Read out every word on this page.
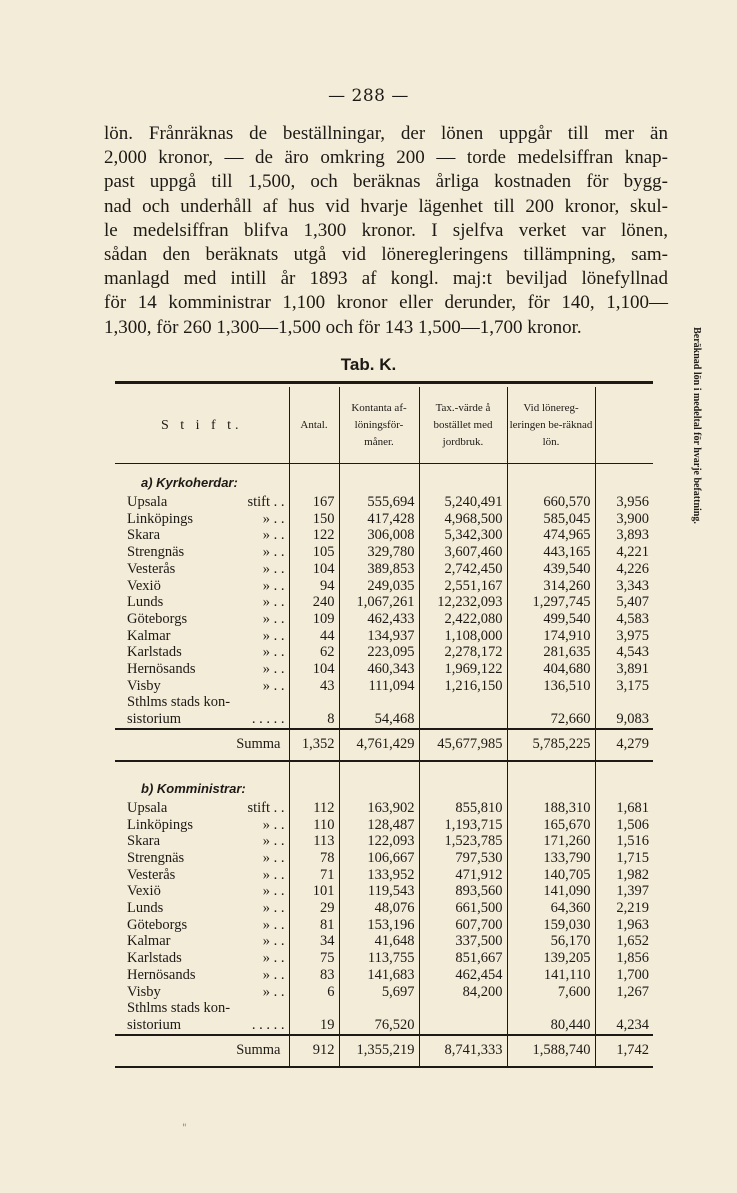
— 288 —
lön. Frånräknas de beställningar, der lönen uppgår till mer än
2,000 kronor, — de äro omkring 200 — torde medelsiffran knap-
past uppgå till 1,500, och beräknas årliga kostnaden för bygg-
nad och underhåll af hus vid hvarje lägenhet till 200 kronor, skul-
le medelsiffran blifva 1,300 kronor. I sjelfva verket var lönen,
sådan den beräknats utgå vid löneregleringens tillämpning, sam-
manlagd med intill år 1893 af kongl. maj:t beviljad lönefyllnad
för 14 komministrar 1,100 kronor eller derunder, för 140, 1,100—
1,300, för 260 1,300—1,500 och för 143 1,500—1,700 kronor.
Tab. K.
S t i f t.	Antal.	Kontanta af-löningsför-måner.	Tax.-värde å bostället med jordbruk.	Vid lönereg-leringen be-räknad lön.	Beräknad lön i medeltal för hvarje befattning.
a) Kyrkoherdar:					
Upsala stift . .	167	555,694	5,240,491	660,570	3,956
Linköpings » . .	150	417,428	4,968,500	585,045	3,900
Skara » . .	122	306,008	5,342,300	474,965	3,893
Strengnäs » . .	105	329,780	3,607,460	443,165	4,221
Vesterås » . .	104	389,853	2,742,450	439,540	4,226
Vexiö » . .	94	249,035	2,551,167	314,260	3,343
Lunds » . .	240	1,067,261	12,232,093	1,297,745	5,407
Göteborgs » . .	109	462,433	2,422,080	499,540	4,583
Kalmar » . .	44	134,937	1,108,000	174,910	3,975
Karlstads » . .	62	223,095	2,278,172	281,635	4,543
Hernösands » . .	104	460,343	1,969,122	404,680	3,891
Visby » . .	43	111,094	1,216,150	136,510	3,175
Sthlms stads kon-

sistorium . . . . .	8	54,468		72,660	9,083
Summa	1,352	4,761,429	45,677,985	5,785,225	4,279

b) Komministrar:					
Upsala stift . .	112	163,902	855,810	188,310	1,681
Linköpings » . .	110	128,487	1,193,715	165,670	1,506
Skara » . .	113	122,093	1,523,785	171,260	1,516
Strengnäs » . .	78	106,667	797,530	133,790	1,715
Vesterås » . .	71	133,952	471,912	140,705	1,982
Vexiö » . .	101	119,543	893,560	141,090	1,397
Lunds » . .	29	48,076	661,500	64,360	2,219
Göteborgs » . .	81	153,196	607,700	159,030	1,963
Kalmar » . .	34	41,648	337,500	56,170	1,652
Karlstads » . .	75	113,755	851,667	139,205	1,856
Hernösands » . .	83	141,683	462,454	141,110	1,700
Visby » . .	6	5,697	84,200	7,600	1,267
Sthlms stads kon-

sistorium . . . . .	19	76,520		80,440	4,234
Summa	912	1,355,219	8,741,333	1,588,740	1,742
"
